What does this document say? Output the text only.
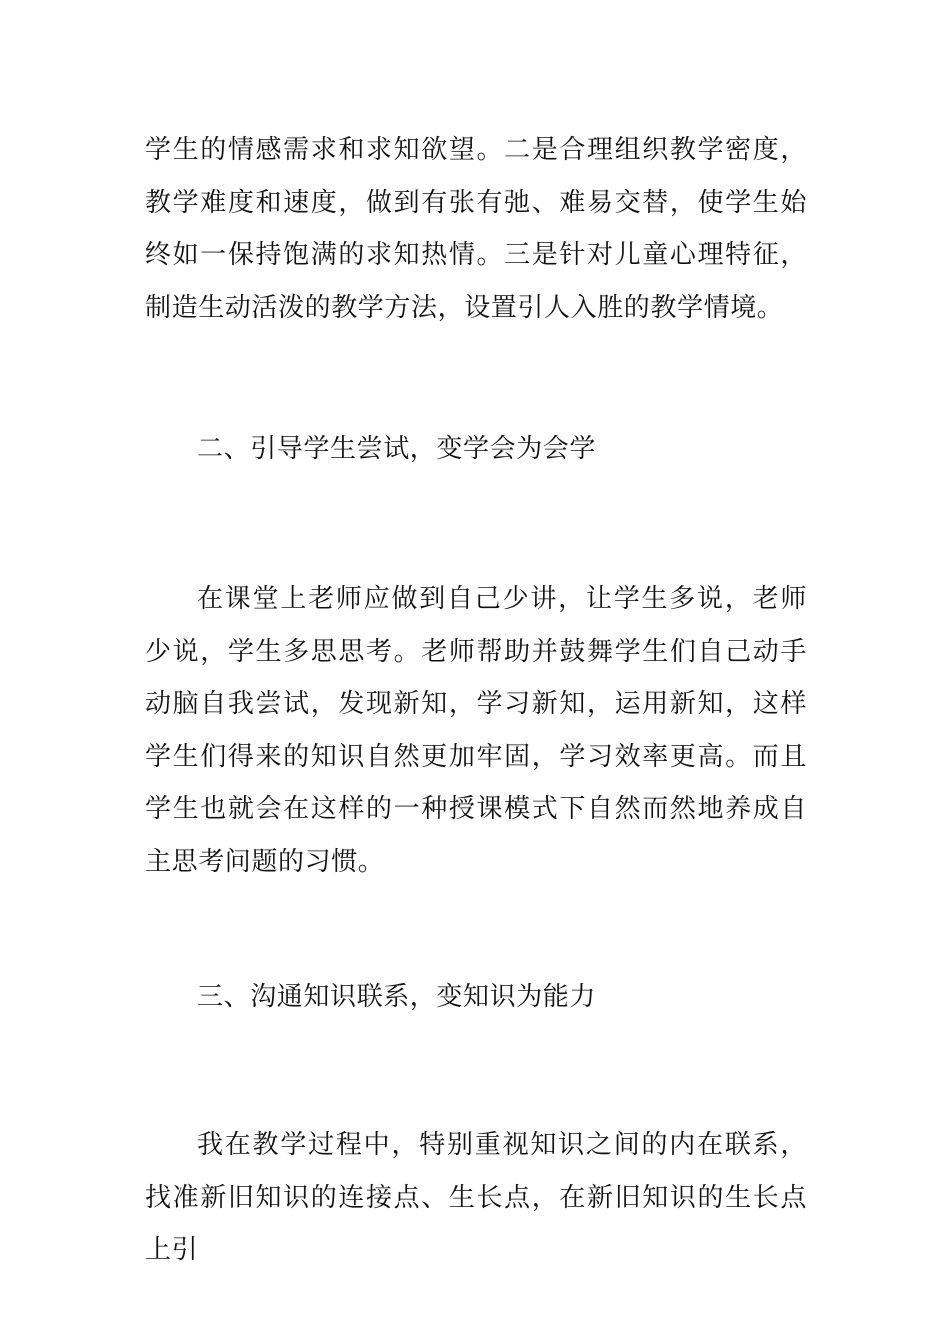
学生的情感需求和求知欲望。二是合理组织教学密度，教学难度和速度，做到有张有弛、难易交替，使学生始终如一保持饱满的求知热情。三是针对儿童心理特征，制造生动活泼的教学方法，设置引人入胜的教学情境。

二、引导学生尝试，变学会为会学

在课堂上老师应做到自己少讲，让学生多说，老师少说，学生多思思考。老师帮助并鼓舞学生们自己动手动脑自我尝试，发现新知，学习新知，运用新知，这样学生们得来的知识自然更加牢固，学习效率更高。而且学生也就会在这样的一种授课模式下自然而然地养成自主思考问题的习惯。

三、沟通知识联系，变知识为能力

我在教学过程中，特别重视知识之间的内在联系，找准新旧知识的连接点、生长点，在新旧知识的生长点上引
